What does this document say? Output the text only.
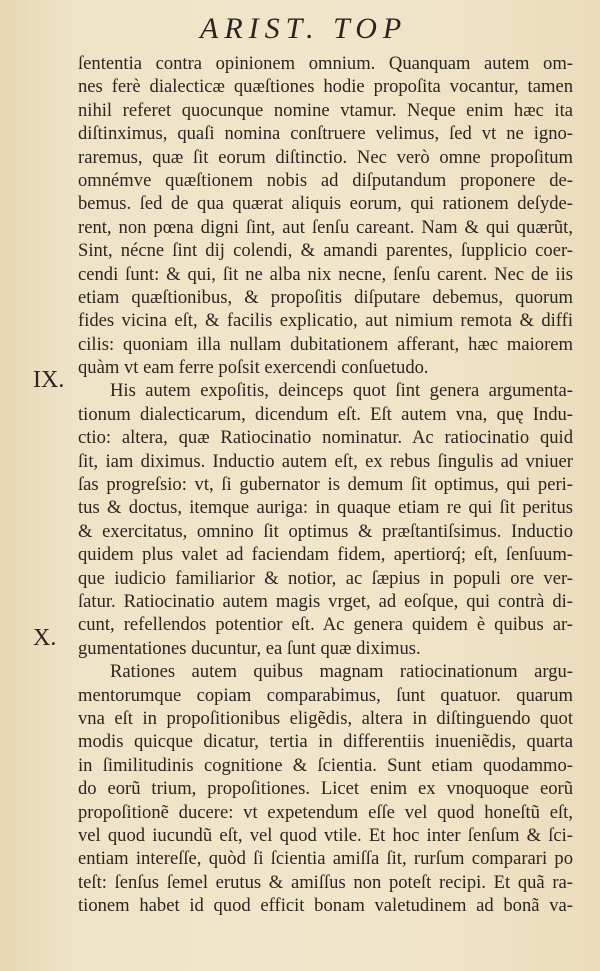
ARIST. TOP
IX.
X.
ſententia contra opinionem omnium. Quanquam autem om-
nes ferè dialecticæ quæſtiones hodie propoſita vocantur, tamen
nihil referet quocunque nomine vtamur. Neque enim hæc ita
diſtinximus, quaſi nomina conſtruere velimus, ſed vt ne igno-
raremus, quæ ſit eorum diſtinctio. Nec verò omne propoſitum
omnémve quæſtionem nobis ad diſputandum proponere de-
bemus. ſed de qua quærat aliquis eorum, qui rationem deſyde-
rent, non pœna digni ſint, aut ſenſu careant. Nam & qui quærũt,
Sint, nécne ſint dij colendi, & amandi parentes, ſupplicio coer-
cendi ſunt: & qui, ſit ne alba nix necne, ſenſu carent. Nec de iis
etiam quæſtionibus, & propoſitis diſputare debemus, quorum
fides vicina eſt, & facilis explicatio, aut nimium remota & diffi
cilis: quoniam illa nullam dubitationem afferant, hæc maiorem
quàm vt eam ferre poſsit exercendi conſuetudo.
His autem expoſitis, deinceps quot ſint genera argumenta-
tionum dialecticarum, dicendum eſt. Eſt autem vna, quę Indu-
ctio: altera, quæ Ratiocinatio nominatur. Ac ratiocinatio quid
ſit, iam diximus. Inductio autem eſt, ex rebus ſingulis ad vniuer
ſas progreſsio: vt, ſi gubernator is demum ſit optimus, qui peri-
tus & doctus, itemque auriga: in quaque etiam re qui ſit peritus
& exercitatus, omnino ſit optimus & præſtantiſsimus. Inductio
quidem plus valet ad faciendam fidem, apertiorq́; eſt, ſenſuum-
que iudicio familiarior & notior, ac ſæpius in populi ore ver-
ſatur. Ratiocinatio autem magis vrget, ad eoſque, qui contrà di-
cunt, refellendos potentior eſt. Ac genera quidem è quibus ar-
gumentationes ducuntur, ea ſunt quæ diximus.
Rationes autem quibus magnam ratiocinationum argu-
mentorumque copiam comparabimus, ſunt quatuor. quarum
vna eſt in propoſitionibus eligẽdis, altera in diſtinguendo quot
modis quicque dicatur, tertia in differentiis inueniẽdis, quarta
in ſimilitudinis cognitione & ſcientia. Sunt etiam quodammo-
do eorũ trium, propoſitiones. Licet enim ex vnoquoque eorũ
propoſitionẽ ducere: vt expetendum eſſe vel quod honeſtũ eſt,
vel quod iucundũ eſt, vel quod vtile. Et hoc inter ſenſum & ſci-
entiam intereſſe, quòd ſi ſcientia amiſſa ſit, rurſum comparari po
teſt: ſenſus ſemel erutus & amiſſus non poteſt recipi. Et quã ra-
tionem habet id quod efficit bonam valetudinem ad bonã va-
